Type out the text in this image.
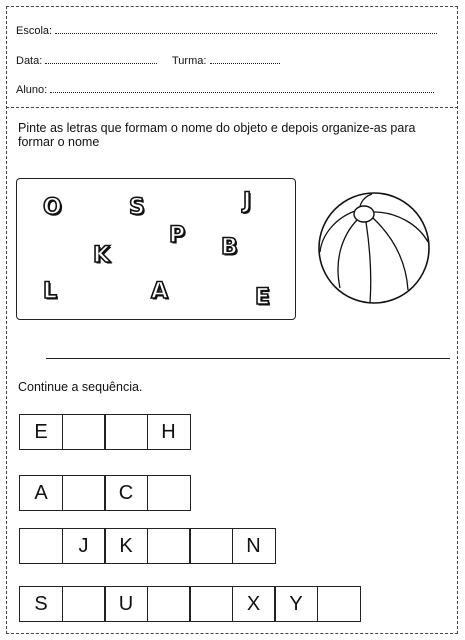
Escola:
Data:	Turma:
Aluno:
Pinte as letras que formam o nome do objeto e depois organize-as para formar o nome
O	S	J
P
K	B
L	A	E
Continue a sequência.
E	H
A	C
J	K	N
S	U	X	Y
